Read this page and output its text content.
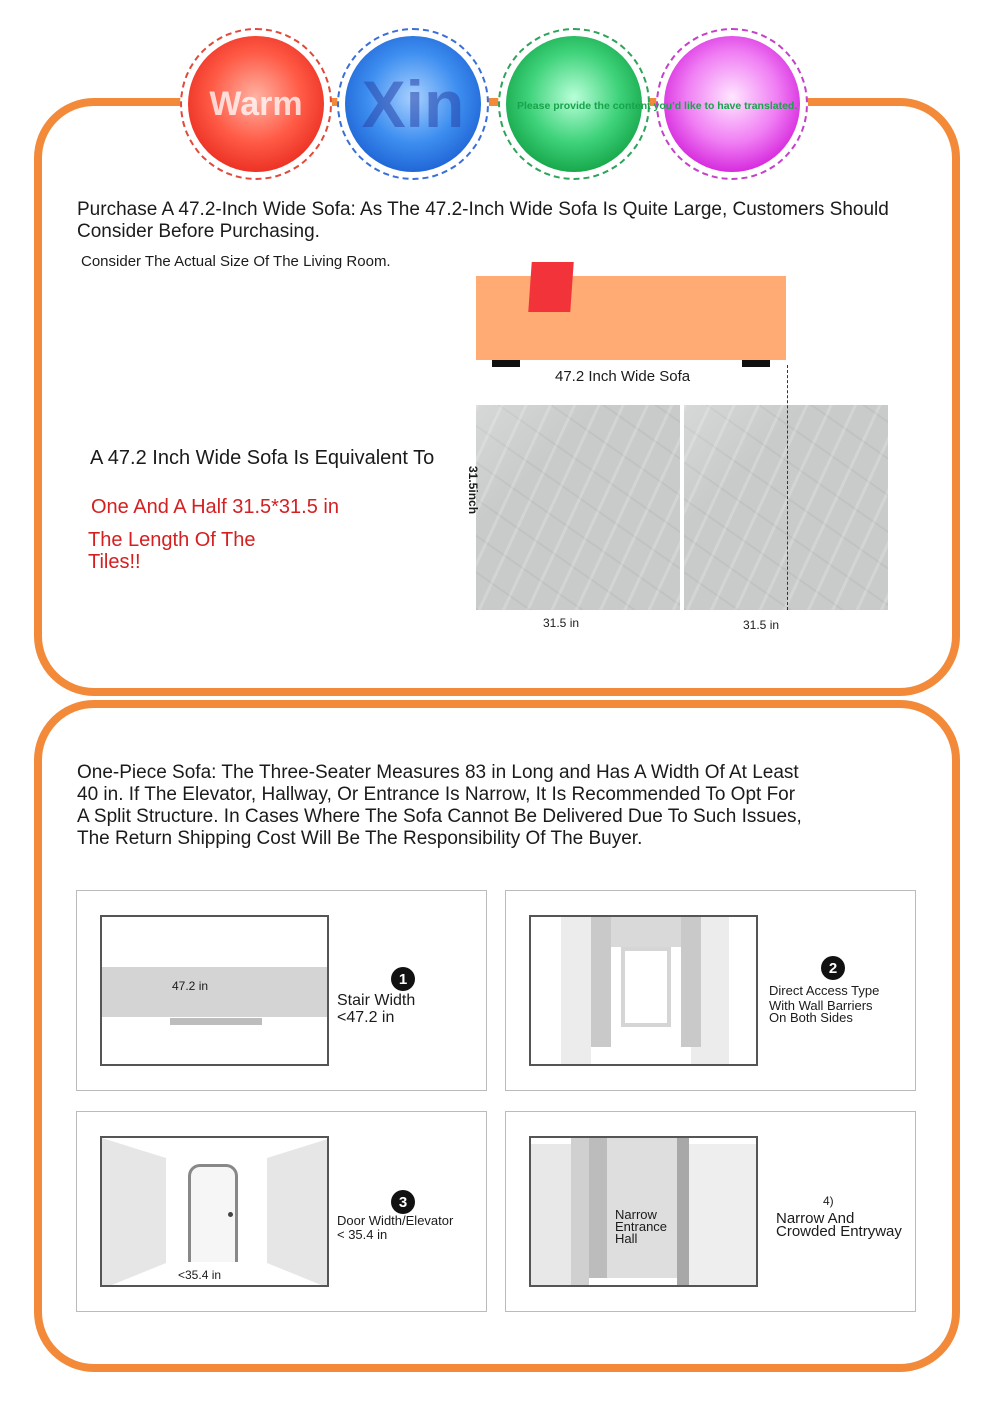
Warm Xin	Please provide the content you'd like to have translated.
Purchase A 47.2-Inch Wide Sofa: As The 47.2-Inch Wide Sofa Is Quite Large, Customers Should
Consider Before Purchasing.
Consider The Actual Size Of The Living Room.
47.2 Inch Wide Sofa
31.5inch
31.5 in	31.5 in
A 47.2 Inch Wide Sofa Is Equivalent To
One And A Half 31.5*31.5 in
The Length Of The
Tiles!!
One-Piece Sofa: The Three-Seater Measures 83 in Long and Has A Width Of At Least
40 in. If The Elevator, Hallway, Or Entrance Is Narrow, It Is Recommended To Opt For
A Split Structure. In Cases Where The Sofa Cannot Be Delivered Due To Such Issues,
The Return Shipping Cost Will Be The Responsibility Of The Buyer.
47.2 in	1
Stair Width
<47.2 in
2
Direct Access Type
With Wall Barriers
On Both Sides
<35.4 in
3
Door Width/Elevator
< 35.4 in
Narrow
Entrance
Hall
4)
Narrow And
Crowded Entryway
